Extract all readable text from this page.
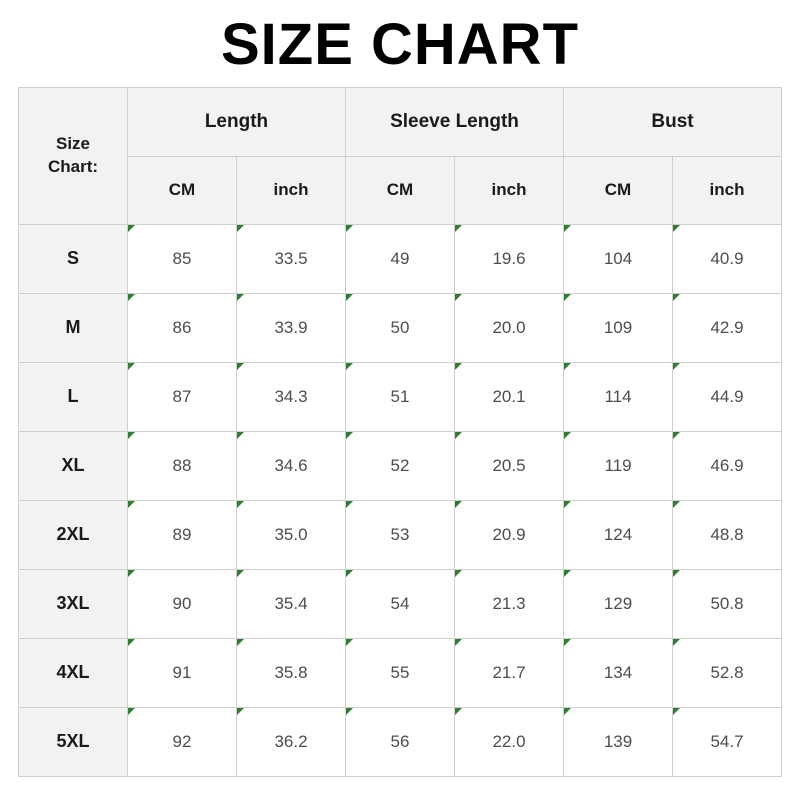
SIZE CHART
Size
Chart:	Length		Sleeve Length		Bust	
	CM	inch	CM	inch	CM	inch
S	85	33.5	49	19.6	104	40.9
M	86	33.9	50	20.0	109	42.9
L	87	34.3	51	20.1	114	44.9
XL	88	34.6	52	20.5	119	46.9
2XL	89	35.0	53	20.9	124	48.8
3XL	90	35.4	54	21.3	129	50.8
4XL	91	35.8	55	21.7	134	52.8
5XL	92	36.2	56	22.0	139	54.7
